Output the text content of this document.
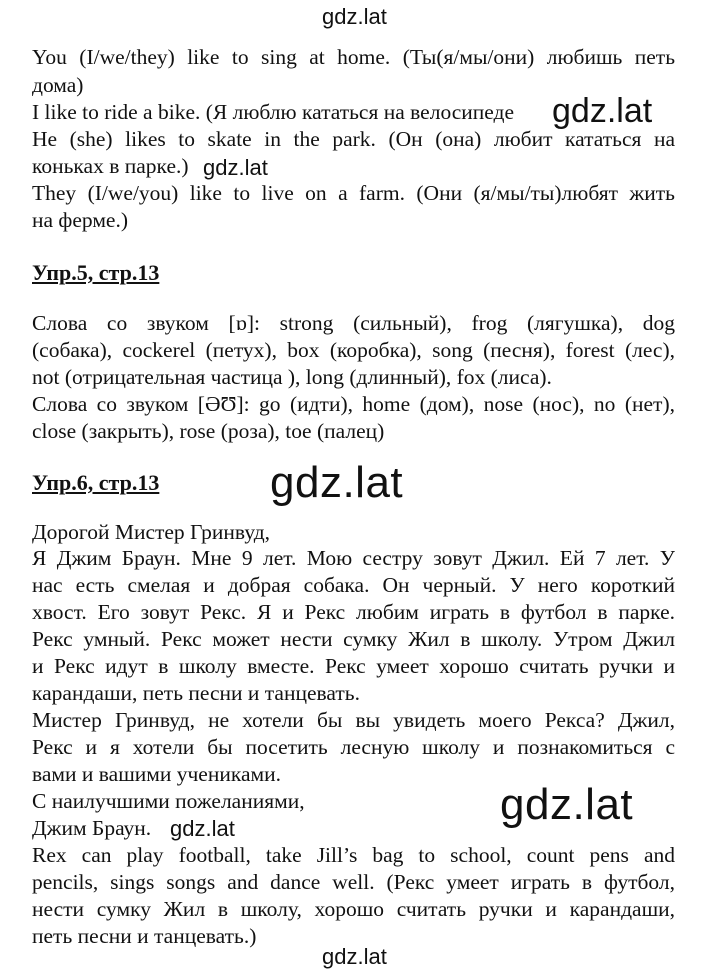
gdz.lat
You (I/we/they) like to sing at home. (Ты(я/мы/они) любишь петь
дома)
I like to ride a bike. (Я люблю кататься на велосипеде gdz.lat
He (she) likes to skate in the park. (Он (она) любит кататься на
коньках в парке.) gdz.lat
They (I/we/you) like to live on a farm. (Они (я/мы/ты)любят жить
на ферме.)
Упр.5, стр.13
Слова со звуком [ɒ]: strong (сильный), frog (лягушка), dog
(собака), cockerel (петух), box (коробка), song (песня), forest (лес),
not (отрицательная частица ), long (длинный), fox (лиса).
Слова со звуком [ƏƱ]: go (идти), home (дом), nose (нос), no (нет),
close (закрыть), rose (роза), toe (палец)
Упр.6, стр.13	gdz.lat
Дорогой Мистер Гринвуд,
Я Джим Браун. Мне 9 лет. Мою сестру зовут Джил. Ей 7 лет. У
нас есть смелая и добрая собака. Он черный. У него короткий
хвост. Его зовут Рекс. Я и Рекс любим играть в футбол в парке.
Рекс умный. Рекс может нести сумку Жил в школу. Утром Джил
и Рекс идут в школу вместе. Рекс умеет хорошо считать ручки и
карандаши, петь песни и танцевать.
Мистер Гринвуд, не хотели бы вы увидеть моего Рекса? Джил,
Рекс и я хотели бы посетить лесную школу и познакомиться с
вами и вашими учениками.
С наилучшими пожеланиями,
Джим Браун. gdz.lat	gdz.lat
Rex can play football, take Jill’s bag to school, count pens and
pencils, sings songs and dance well. (Рекс умеет играть в футбол,
нести сумку Жил в школу, хорошо считать ручки и карандаши,
петь песни и танцевать.)
gdz.lat
